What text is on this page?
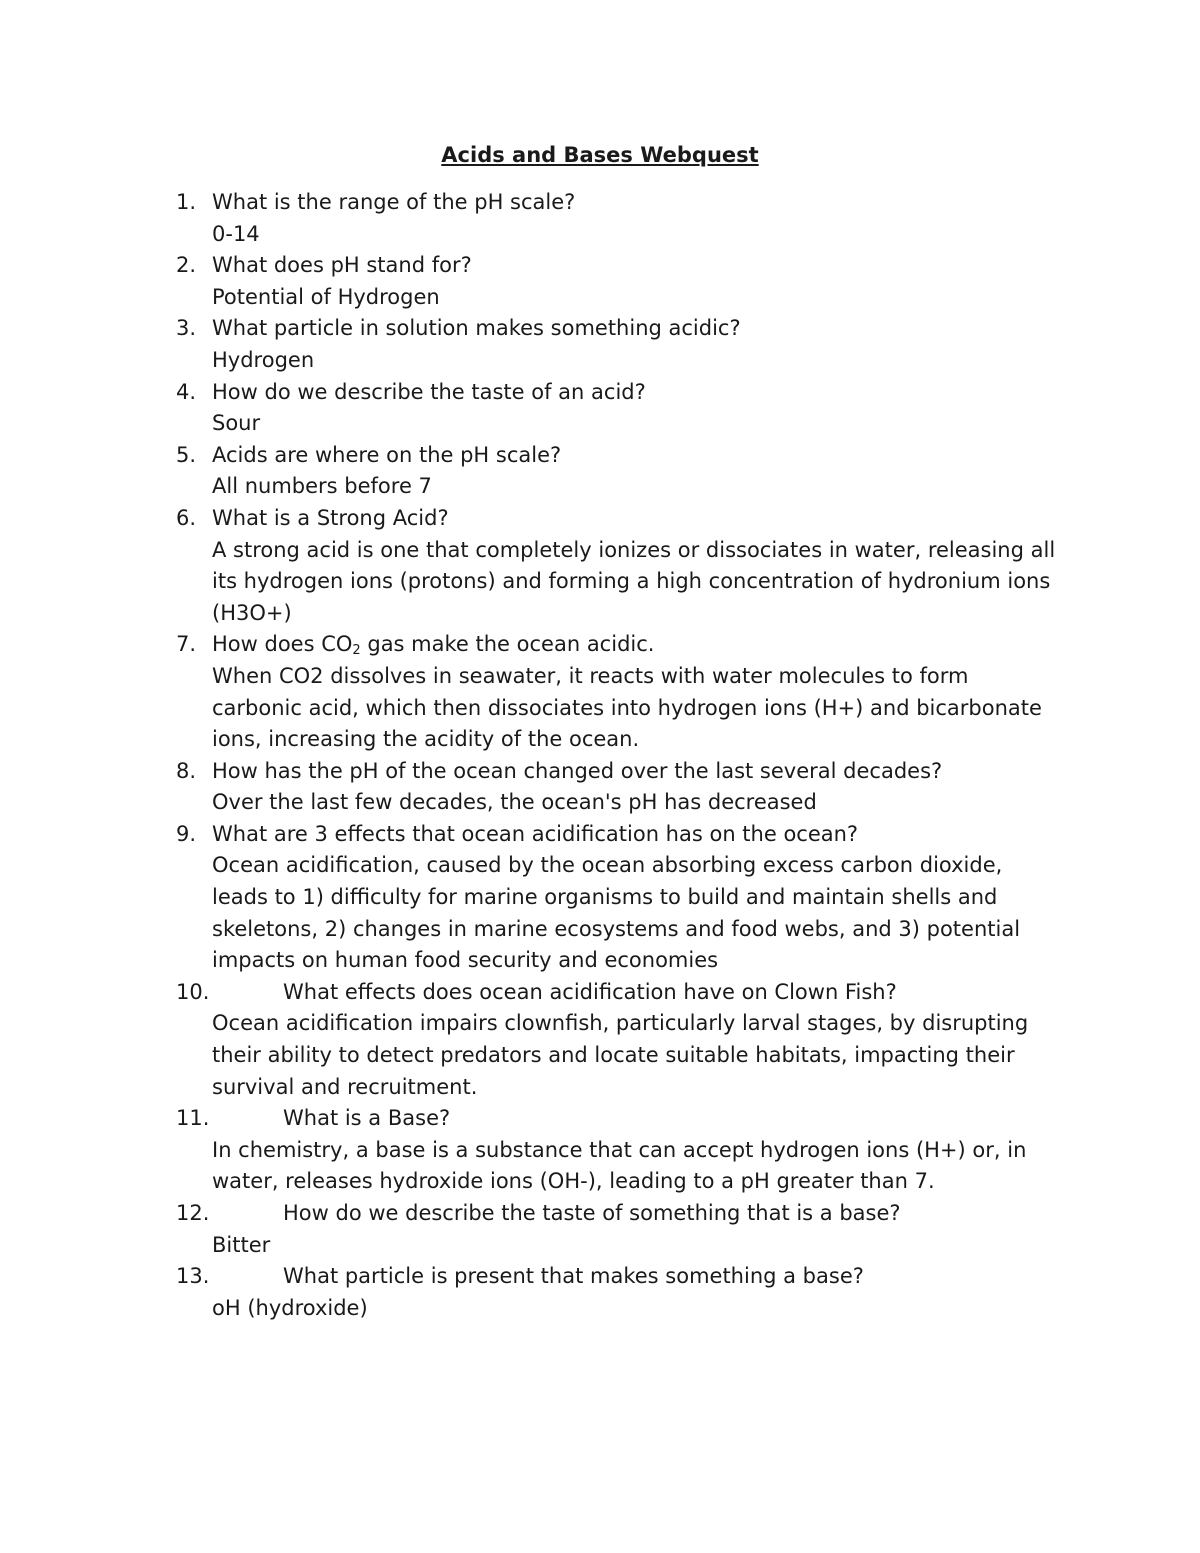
Acids and Bases Webquest
1. What is the range of the pH scale?
0-14
2. What does pH stand for?
Potential of Hydrogen
3. What particle in solution makes something acidic?
Hydrogen
4. How do we describe the taste of an acid?
Sour
5. Acids are where on the pH scale?
All numbers before 7
6. What is a Strong Acid?
A strong acid is one that completely ionizes or dissociates in water, releasing all its hydrogen ions (protons) and forming a high concentration of hydronium ions (H3O+)
7. How does $CO_2$ gas make the ocean acidic.
When CO2 dissolves in seawater, it reacts with water molecules to form carbonic acid, which then dissociates into hydrogen ions (H+) and bicarbonate ions, increasing the acidity of the ocean.
8. How has the pH of the ocean changed over the last several decades?
Over the last few decades, the ocean's pH has decreased
9. What are 3 effects that ocean acidification has on the ocean?
Ocean acidification, caused by the ocean absorbing excess carbon dioxide, leads to 1) difficulty for marine organisms to build and maintain shells and skeletons, 2) changes in marine ecosystems and food webs, and 3) potential impacts on human food security and economies
10.	What effects does ocean acidification have on Clown Fish?
Ocean acidification impairs clownfish, particularly larval stages, by disrupting their ability to detect predators and locate suitable habitats, impacting their survival and recruitment.
11.	What is a Base?
In chemistry, a base is a substance that can accept hydrogen ions (H+) or, in water, releases hydroxide ions (OH-), leading to a pH greater than 7.
12.	How do we describe the taste of something that is a base?
Bitter
13.	What particle is present that makes something a base?
oH (hydroxide)
